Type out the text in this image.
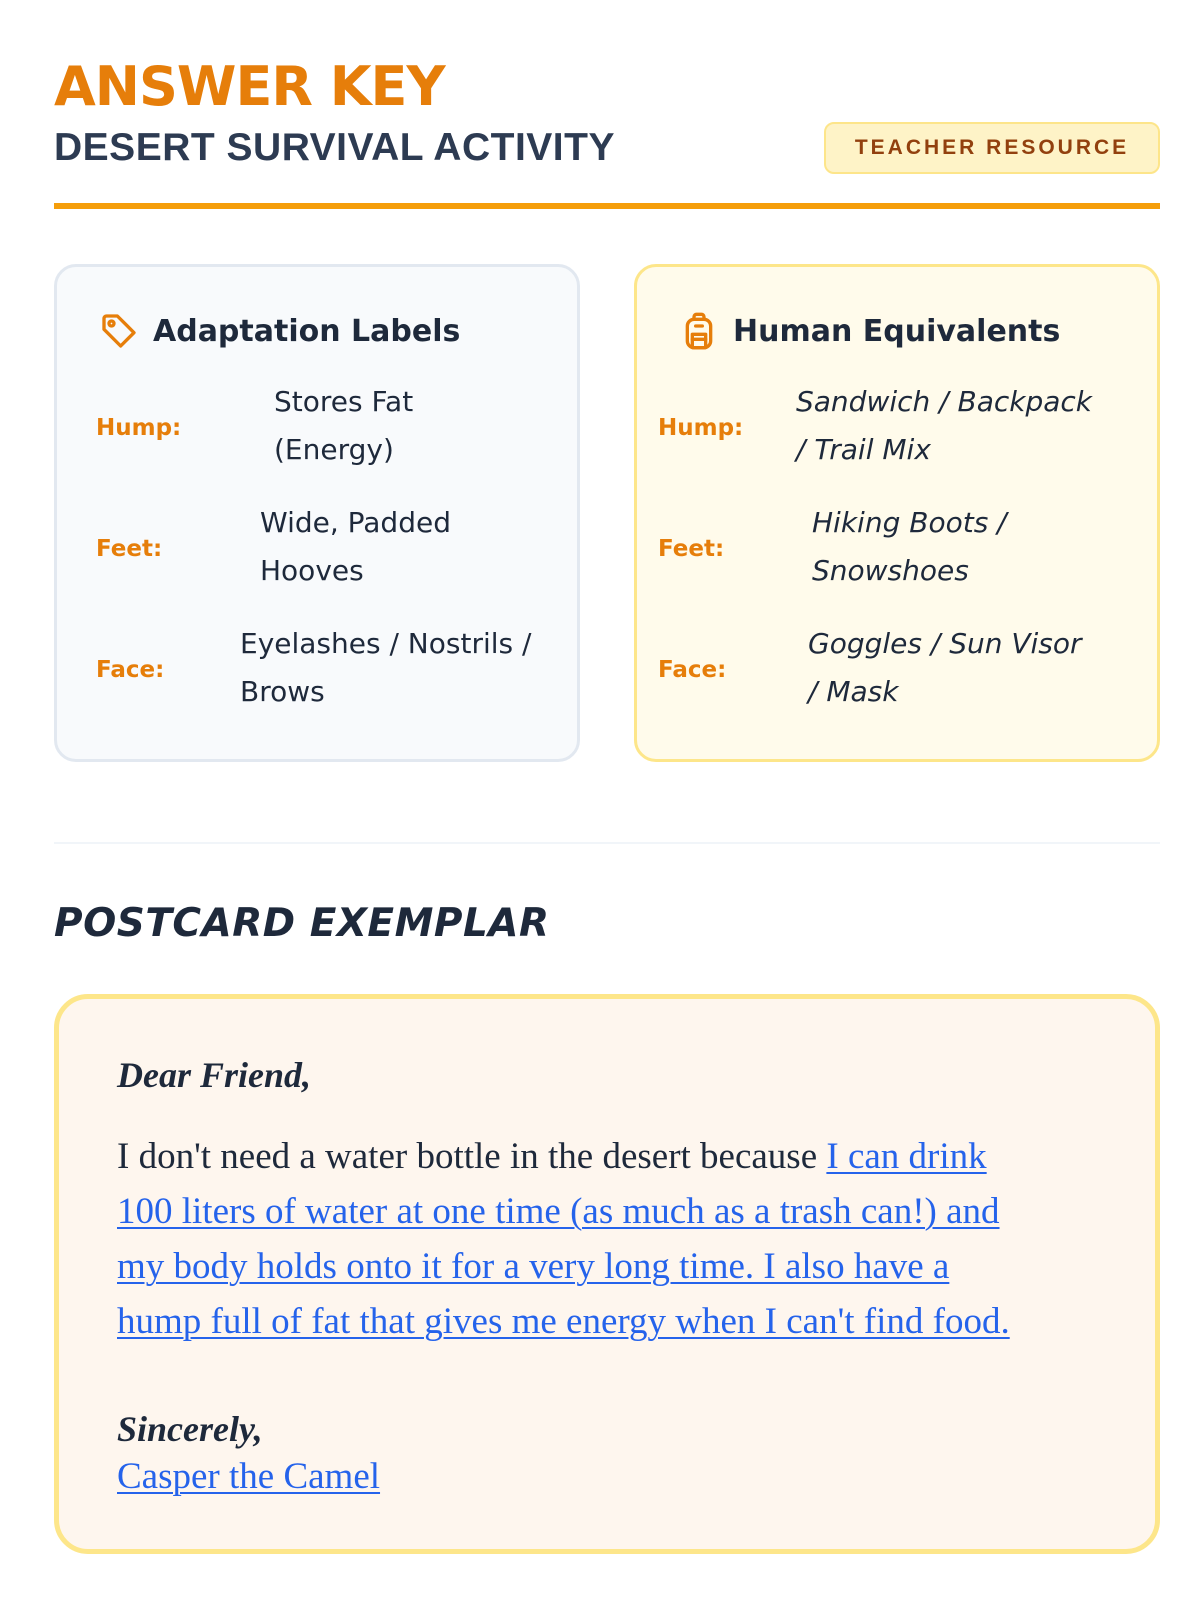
ANSWER KEY
DESERT SURVIVAL ACTIVITY	TEACHER RESOURCE
Adaptation Labels
Hump:
Stores Fat
(Energy)
Feet:
Wide, Padded
Hooves
Face:
Eyelashes / Nostrils /
Brows
Human Equivalents
Hump:
Sandwich / Backpack
/ Trail Mix
Feet:
Hiking Boots /
Snowshoes
Face:
Goggles / Sun Visor
/ Mask
POSTCARD EXEMPLAR
Dear Friend,
I don't need a water bottle in the desert because I can drink
100 liters of water at one time (as much as a trash can!) and
my body holds onto it for a very long time. I also have a
hump full of fat that gives me energy when I can't find food.
Sincerely,
Casper the Camel
